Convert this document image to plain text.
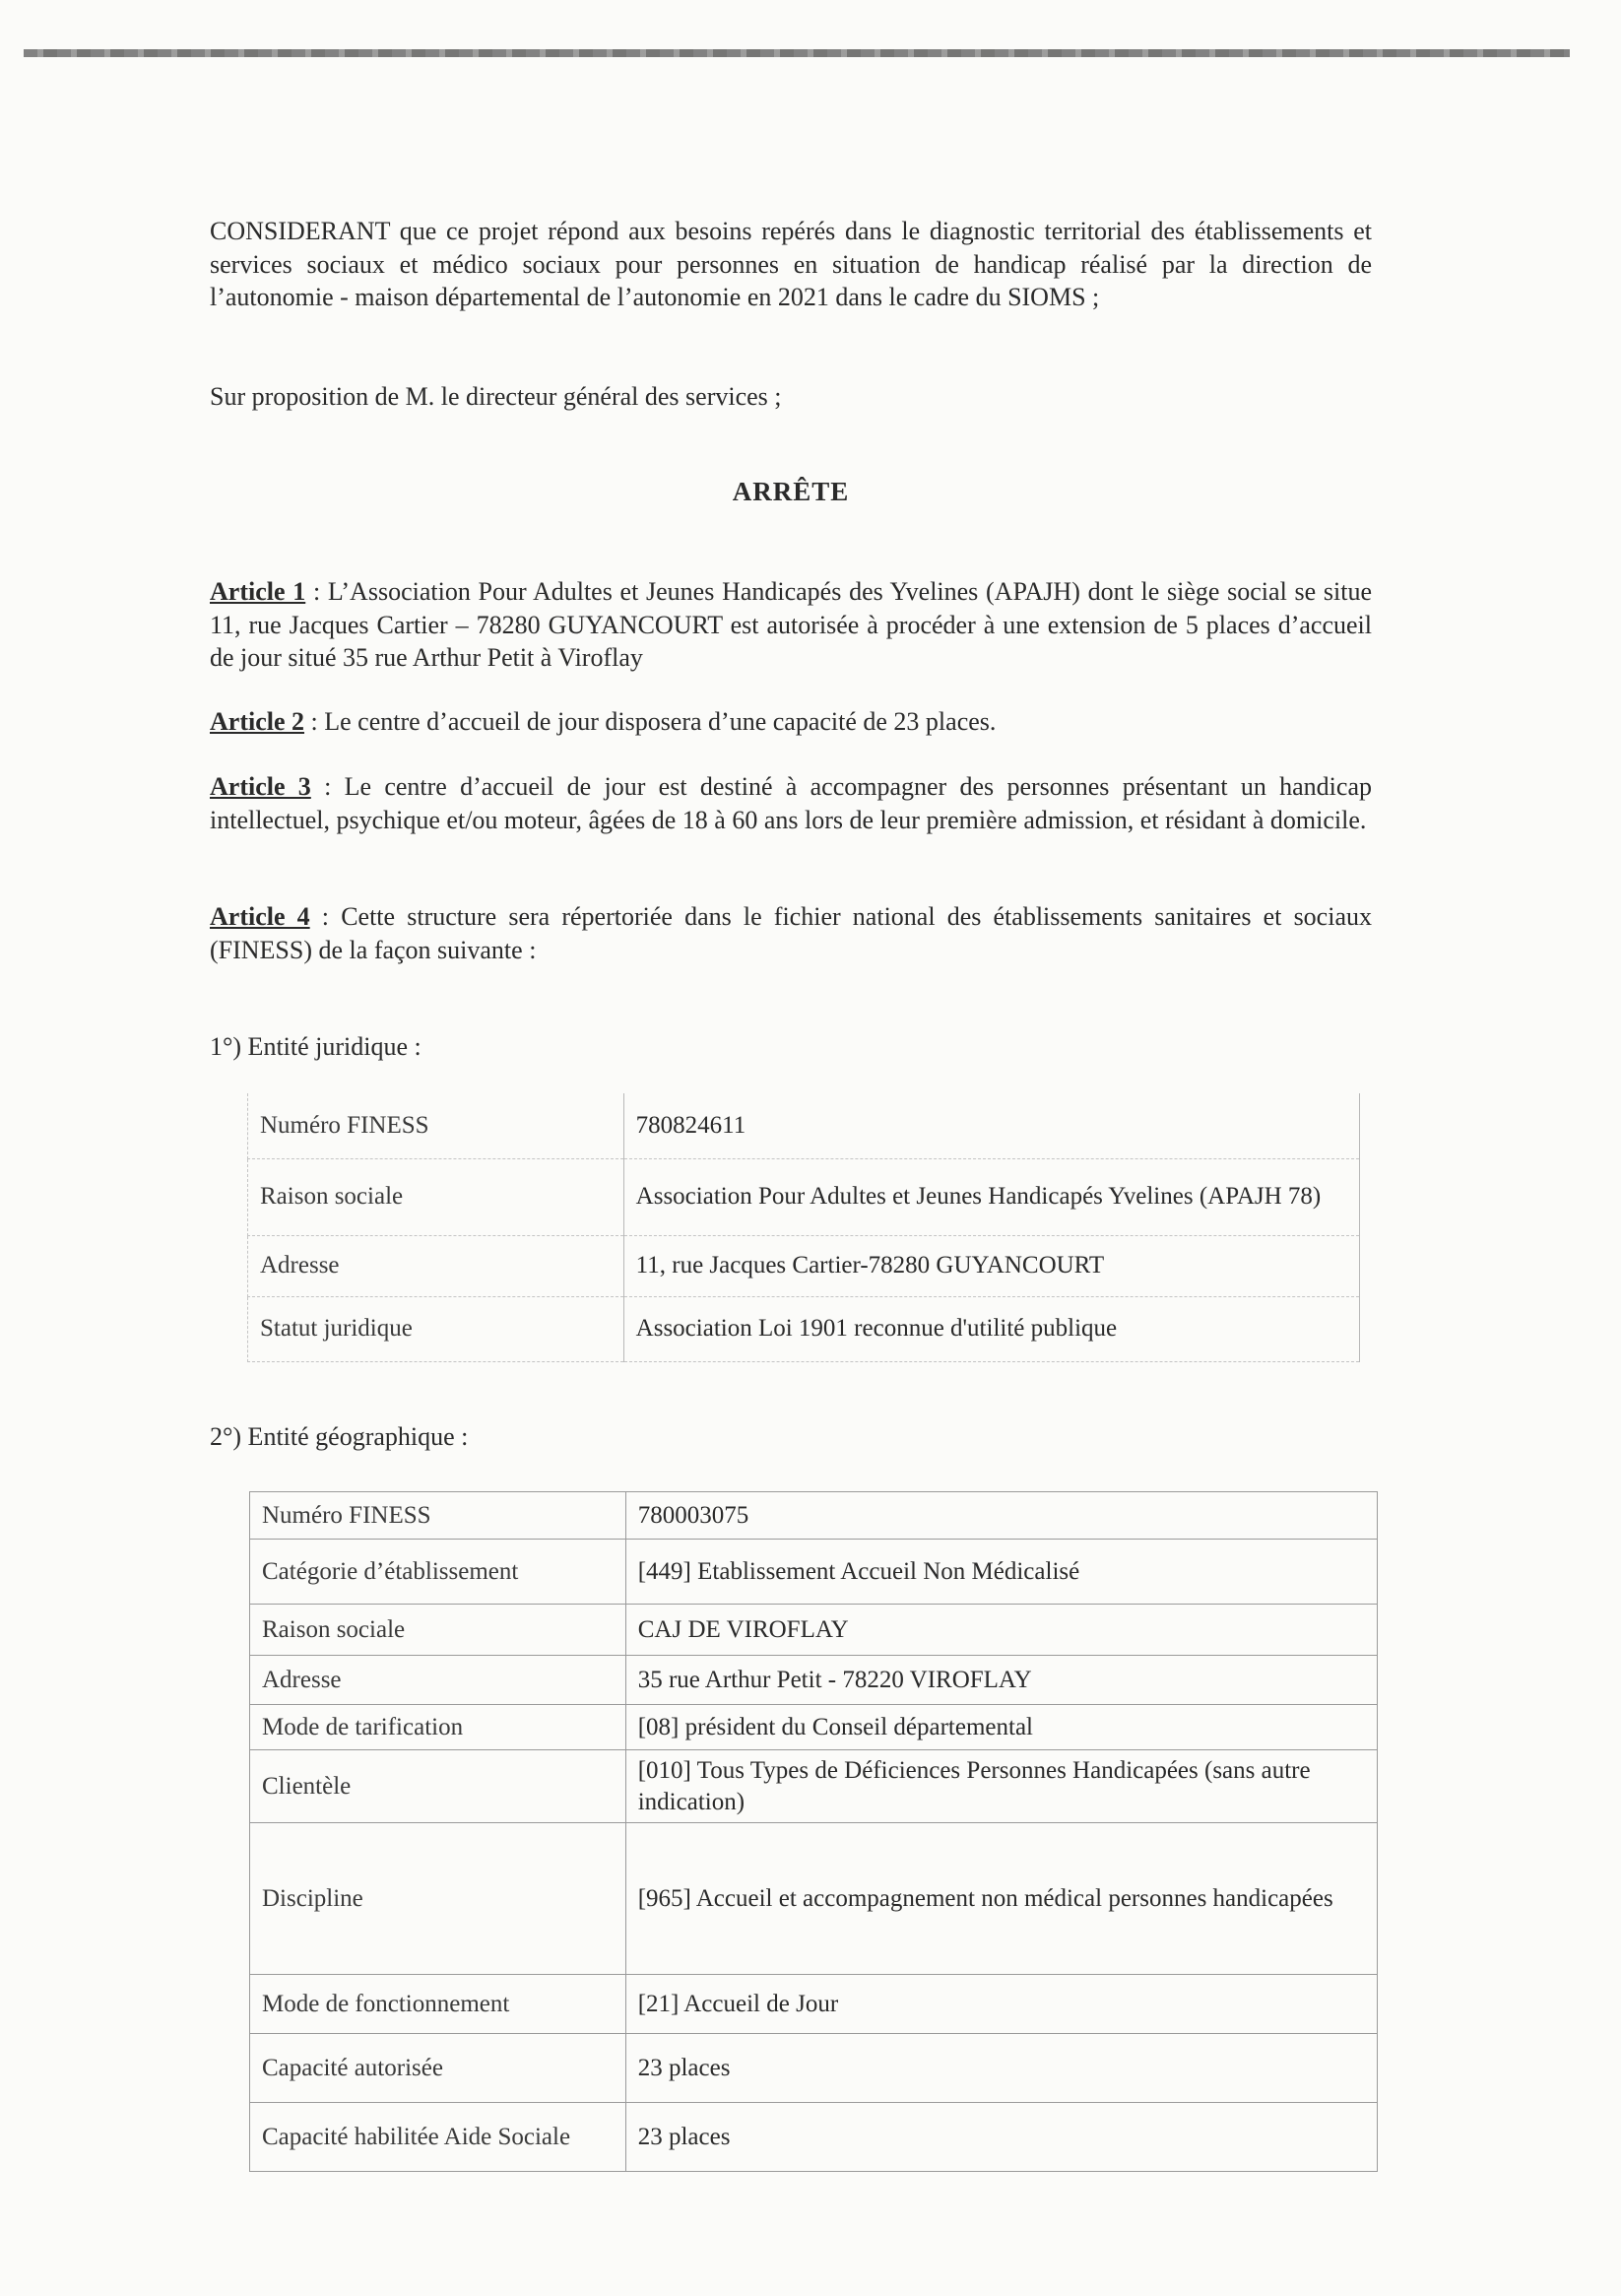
CONSIDERANT que ce projet répond aux besoins repérés dans le diagnostic territorial des établissements et services sociaux et médico sociaux pour personnes en situation de handicap réalisé par la direction de l’autonomie - maison départemental de l’autonomie en 2021 dans le cadre du SIOMS ;

Sur proposition de M. le directeur général des services ;

ARRÊTE

Article 1 : L’Association Pour Adultes et Jeunes Handicapés des Yvelines (APAJH) dont le siège social se situe 11, rue Jacques Cartier – 78280 GUYANCOURT est autorisée à procéder à une extension de 5 places d’accueil de jour situé 35 rue Arthur Petit à Viroflay

Article 2 : Le centre d’accueil de jour disposera d’une capacité de 23 places.

Article 3 : Le centre d’accueil de jour est destiné à accompagner des personnes présentant un handicap intellectuel, psychique et/ou moteur, âgées de 18 à 60 ans lors de leur première admission, et résidant à domicile.

Article 4 : Cette structure sera répertoriée dans le fichier national des établissements sanitaires et sociaux (FINESS) de la façon suivante :

1°) Entité juridique :
Numéro FINESS	780824611
Raison sociale	Association Pour Adultes et Jeunes Handicapés Yvelines (APAJH 78)
Adresse	11, rue Jacques Cartier-78280 GUYANCOURT
Statut juridique	Association Loi 1901 reconnue d'utilité publique
2°) Entité géographique :
Numéro FINESS	780003075
Catégorie d’établissement	[449] Etablissement Accueil Non Médicalisé
Raison sociale	CAJ DE VIROFLAY
Adresse	35 rue Arthur Petit - 78220 VIROFLAY
Mode de tarification	[08] président du Conseil départemental
Clientèle	[010] Tous Types de Déficiences Personnes Handicapées (sans autre indication)
Discipline	[965] Accueil et accompagnement non médical personnes handicapées
Mode de fonctionnement	[21] Accueil de Jour
Capacité autorisée	23 places
Capacité habilitée Aide Sociale	23 places
